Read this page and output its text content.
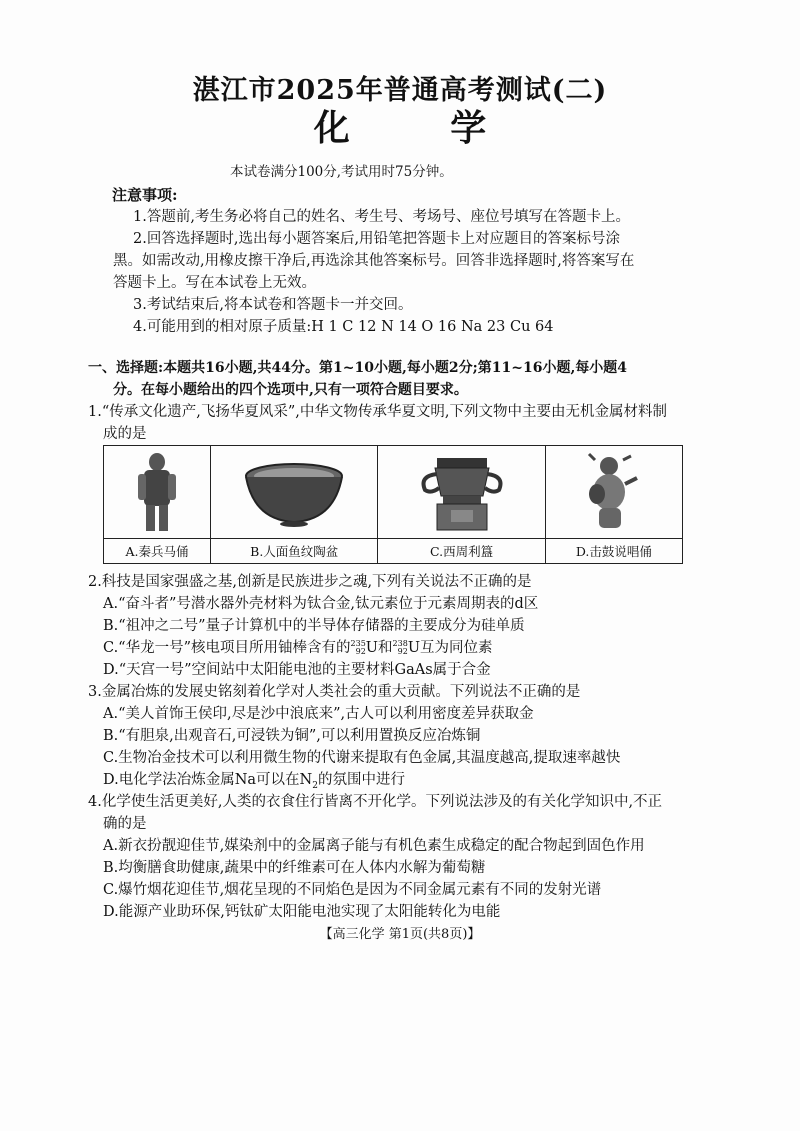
湛江市2025年普通高考测试(二)
化 学
本试卷满分100分,考试用时75分钟。
注意事项:
1.答题前,考生务必将自己的姓名、考生号、考场号、座位号填写在答题卡上。
2.回答选择题时,选出每小题答案后,用铅笔把答题卡上对应题目的答案标号涂
黑。如需改动,用橡皮擦干净后,再选涂其他答案标号。回答非选择题时,将答案写在
答题卡上。写在本试卷上无效。
3.考试结束后,将本试卷和答题卡一并交回。
4.可能用到的相对原子质量:H 1 C 12 N 14 O 16 Na 23 Cu 64
一、选择题:本题共16小题,共44分。第1~10小题,每小题2分;第11~16小题,每小题4
分。在每小题给出的四个选项中,只有一项符合题目要求。
1.“传承文化遗产,飞扬华夏风采”,中华文物传承华夏文明,下列文物中主要由无机金属材料制
成的是

A.秦兵马俑	B.人面鱼纹陶盆	C.西周利簋	D.击鼓说唱俑
2.科技是国家强盛之基,创新是民族进步之魂,下列有关说法不正确的是
A.“奋斗者”号潜水器外壳材料为钛合金,钛元素位于元素周期表的d区
B.“祖冲之二号”量子计算机中的半导体存储器的主要成分为硅单质
C.“华龙一号”核电项目所用铀棒含有的235
92U和238
92U互为同位素
D.“天宫一号”空间站中太阳能电池的主要材料GaAs属于合金
3.金属冶炼的发展史铭刻着化学对人类社会的重大贡献。下列说法不正确的是
A.“美人首饰王侯印,尽是沙中浪底来”,古人可以利用密度差异获取金
B.“有胆泉,出观音石,可浸铁为铜”,可以利用置换反应冶炼铜
C.生物冶金技术可以利用微生物的代谢来提取有色金属,其温度越高,提取速率越快
D.电化学法冶炼金属Na可以在$N_2$的氛围中进行
4.化学使生活更美好,人类的衣食住行皆离不开化学。下列说法涉及的有关化学知识中,不正
确的是
A.新衣扮靓迎佳节,媒染剂中的金属离子能与有机色素生成稳定的配合物起到固色作用
B.均衡膳食助健康,蔬果中的纤维素可在人体内水解为葡萄糖
C.爆竹烟花迎佳节,烟花呈现的不同焰色是因为不同金属元素有不同的发射光谱
D.能源产业助环保,钙钛矿太阳能电池实现了太阳能转化为电能
【高三化学 第1页(共8页)】
